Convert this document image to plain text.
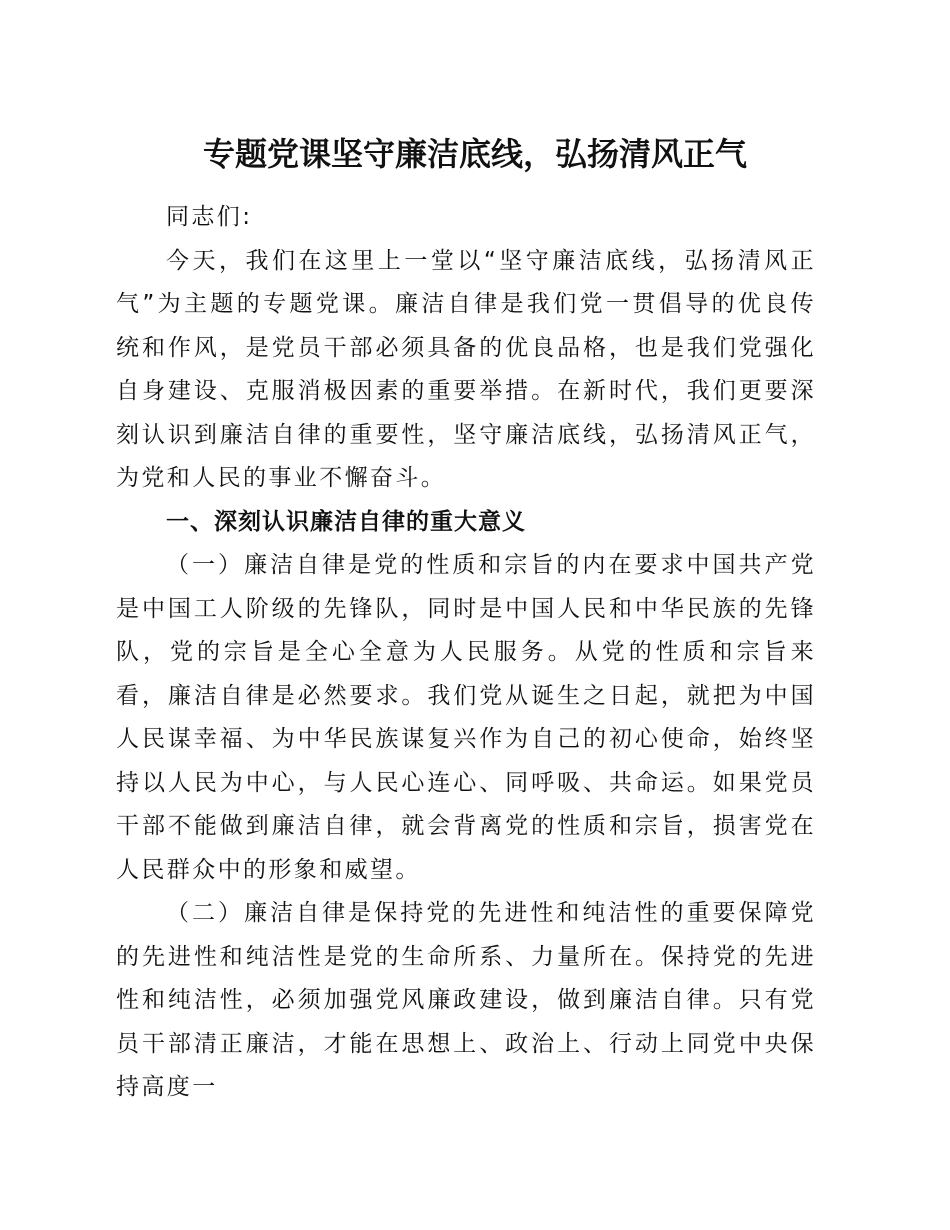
专题党课坚守廉洁底线，弘扬清风正气

同志们:

今天，我们在这里上一堂以“坚守廉洁底线，弘扬清风正气”为主题的专题党课。廉洁自律是我们党一贯倡导的优良传统和作风，是党员干部必须具备的优良品格，也是我们党强化自身建设、克服消极因素的重要举措。在新时代，我们更要深刻认识到廉洁自律的重要性，坚守廉洁底线，弘扬清风正气，为党和人民的事业不懈奋斗。

一、深刻认识廉洁自律的重大意义

（一）廉洁自律是党的性质和宗旨的内在要求中国共产党是中国工人阶级的先锋队，同时是中国人民和中华民族的先锋队，党的宗旨是全心全意为人民服务。从党的性质和宗旨来看，廉洁自律是必然要求。我们党从诞生之日起，就把为中国人民谋幸福、为中华民族谋复兴作为自己的初心使命，始终坚持以人民为中心，与人民心连心、同呼吸、共命运。如果党员干部不能做到廉洁自律，就会背离党的性质和宗旨，损害党在人民群众中的形象和威望。

（二）廉洁自律是保持党的先进性和纯洁性的重要保障党的先进性和纯洁性是党的生命所系、力量所在。保持党的先进性和纯洁性，必须加强党风廉政建设，做到廉洁自律。只有党员干部清正廉洁，才能在思想上、政治上、行动上同党中央保持高度一
